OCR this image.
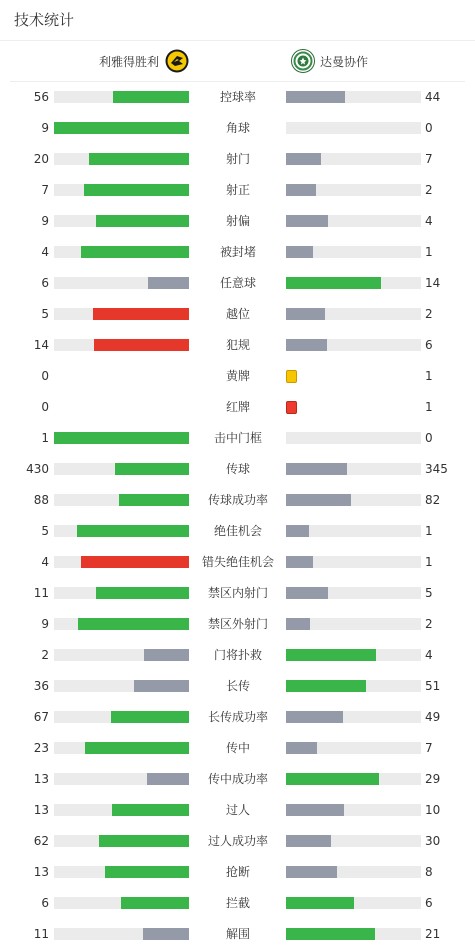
技术统计
利雅得胜利	达曼协作
56	控球率	44
9	角球	0
20	射门	7
7	射正	2
9	射偏	4
4	被封堵	1
6	任意球	14
5	越位	2
14	犯规	6
0	黄牌	1
0	红牌	1
1	击中门框	0
430	传球	345
88	传球成功率	82
5	绝佳机会	1
4	错失绝佳机会	1
11	禁区内射门	5
9	禁区外射门	2
2	门将扑救	4
36	长传	51
67	长传成功率	49
23	传中	7
13	传中成功率	29
13	过人	10
62	过人成功率	30
13	抢断	8
6	拦截	6
11	解围	21
